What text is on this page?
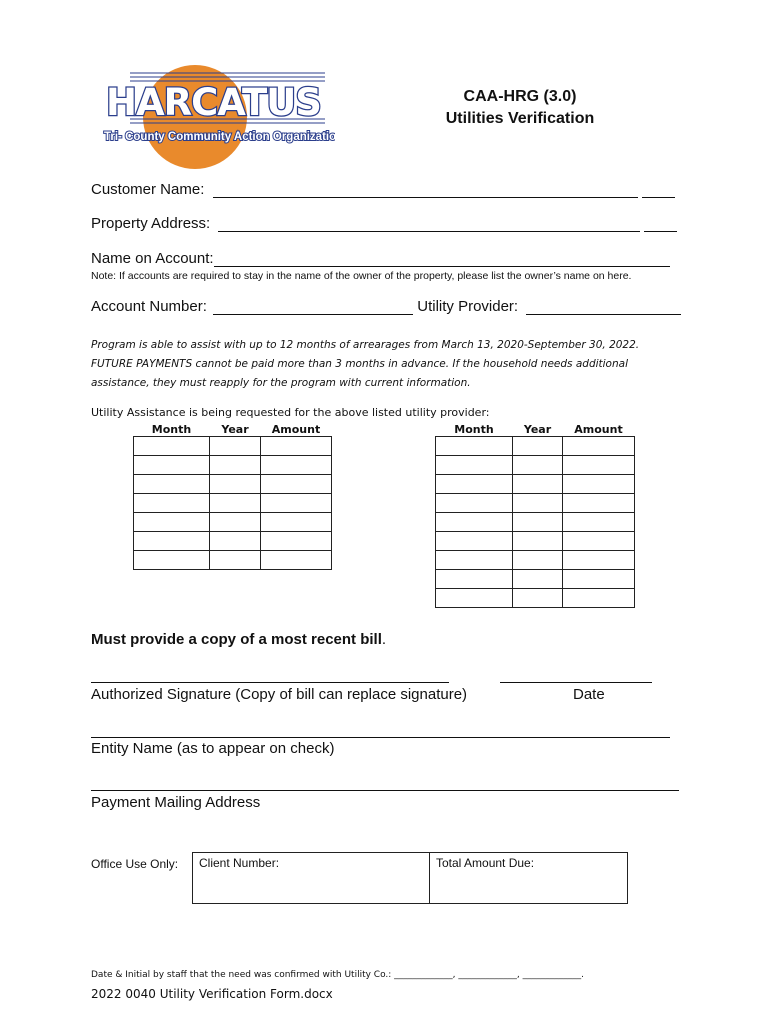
HARCATUS
Tri- County Community Action Organization
CAA-HRG (3.0)
Utilities Verification
Customer Name:
Property Address:
Name on Account:
Note: If accounts are required to stay in the name of the owner of the property, please list the owner’s name on here.
Account Number:	Utility Provider:
Program is able to assist with up to 12 months of arrearages from March 13, 2020-September 30, 2022.
FUTURE PAYMENTS cannot be paid more than 3 months in advance. If the household needs additional
assistance, they must reapply for the program with current information.
Utility Assistance is being requested for the above listed utility provider:
Month	Year	Amount

			Month	Year	Amount

Must provide a copy of a most recent bill.
Authorized Signature (Copy of bill can replace signature)	Date
Entity Name (as to appear on check)
Payment Mailing Address
Office Use Only:	Client Number:	Total Amount Due:
Date & Initial by staff that the need was confirmed with Utility Co.: _____________, _____________, _____________.
2022 0040 Utility Verification Form.docx
